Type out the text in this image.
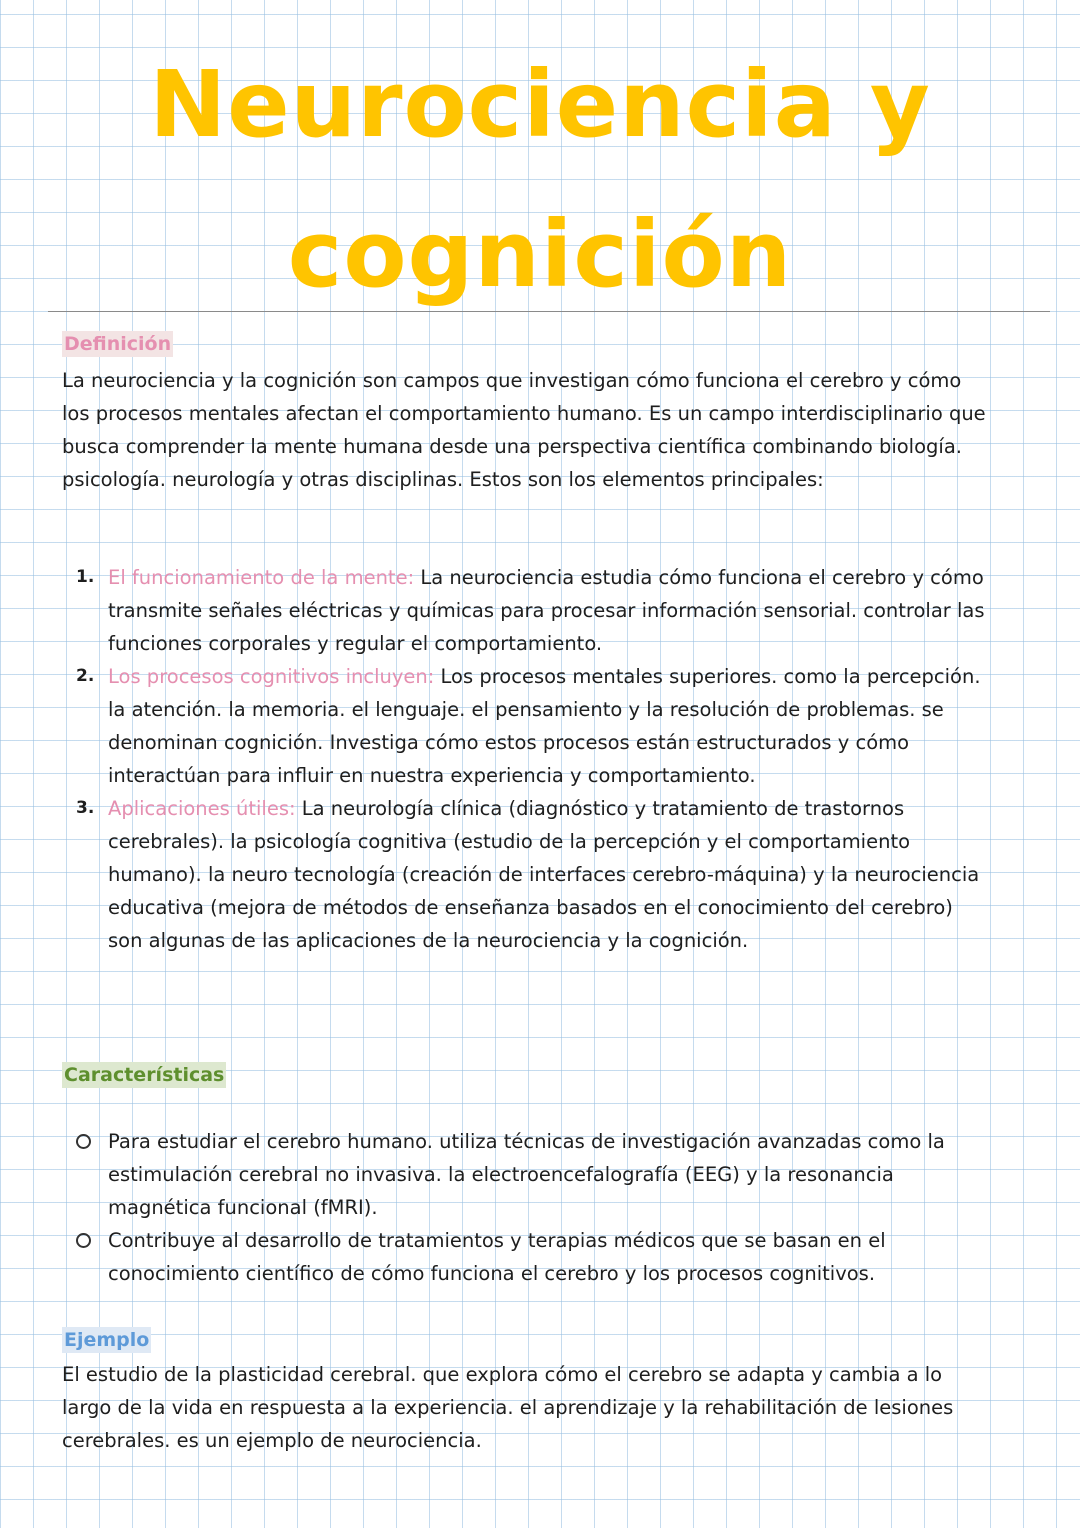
Neurociencia y
cognición
Definición

La neurociencia y la cognición son campos que investigan cómo funciona el cerebro y cómo los procesos mentales afectan el comportamiento humano. Es un campo interdisciplinario que busca comprender la mente humana desde una perspectiva científica combinando biología. psicología. neurología y otras disciplinas. Estos son los elementos principales:

1. El funcionamiento de la mente: La neurociencia estudia cómo funciona el cerebro y cómo transmite señales eléctricas y químicas para procesar información sensorial. controlar las funciones corporales y regular el comportamiento.
2. Los procesos cognitivos incluyen: Los procesos mentales superiores. como la percepción. la atención. la memoria. el lenguaje. el pensamiento y la resolución de problemas. se denominan cognición. Investiga cómo estos procesos están estructurados y cómo interactúan para influir en nuestra experiencia y comportamiento.
3. Aplicaciones útiles: La neurología clínica (diagnóstico y tratamiento de trastornos cerebrales). la psicología cognitiva (estudio de la percepción y el comportamiento humano). la neuro tecnología (creación de interfaces cerebro-máquina) y la neurociencia educativa (mejora de métodos de enseñanza basados en el conocimiento del cerebro) son algunas de las aplicaciones de la neurociencia y la cognición.
Características
Para estudiar el cerebro humano. utiliza técnicas de investigación avanzadas como la estimulación cerebral no invasiva. la electroencefalografía (EEG) y la resonancia magnética funcional (fMRI).
Contribuye al desarrollo de tratamientos y terapias médicos que se basan en el conocimiento científico de cómo funciona el cerebro y los procesos cognitivos.
Ejemplo

El estudio de la plasticidad cerebral. que explora cómo el cerebro se adapta y cambia a lo largo de la vida en respuesta a la experiencia. el aprendizaje y la rehabilitación de lesiones cerebrales. es un ejemplo de neurociencia.
